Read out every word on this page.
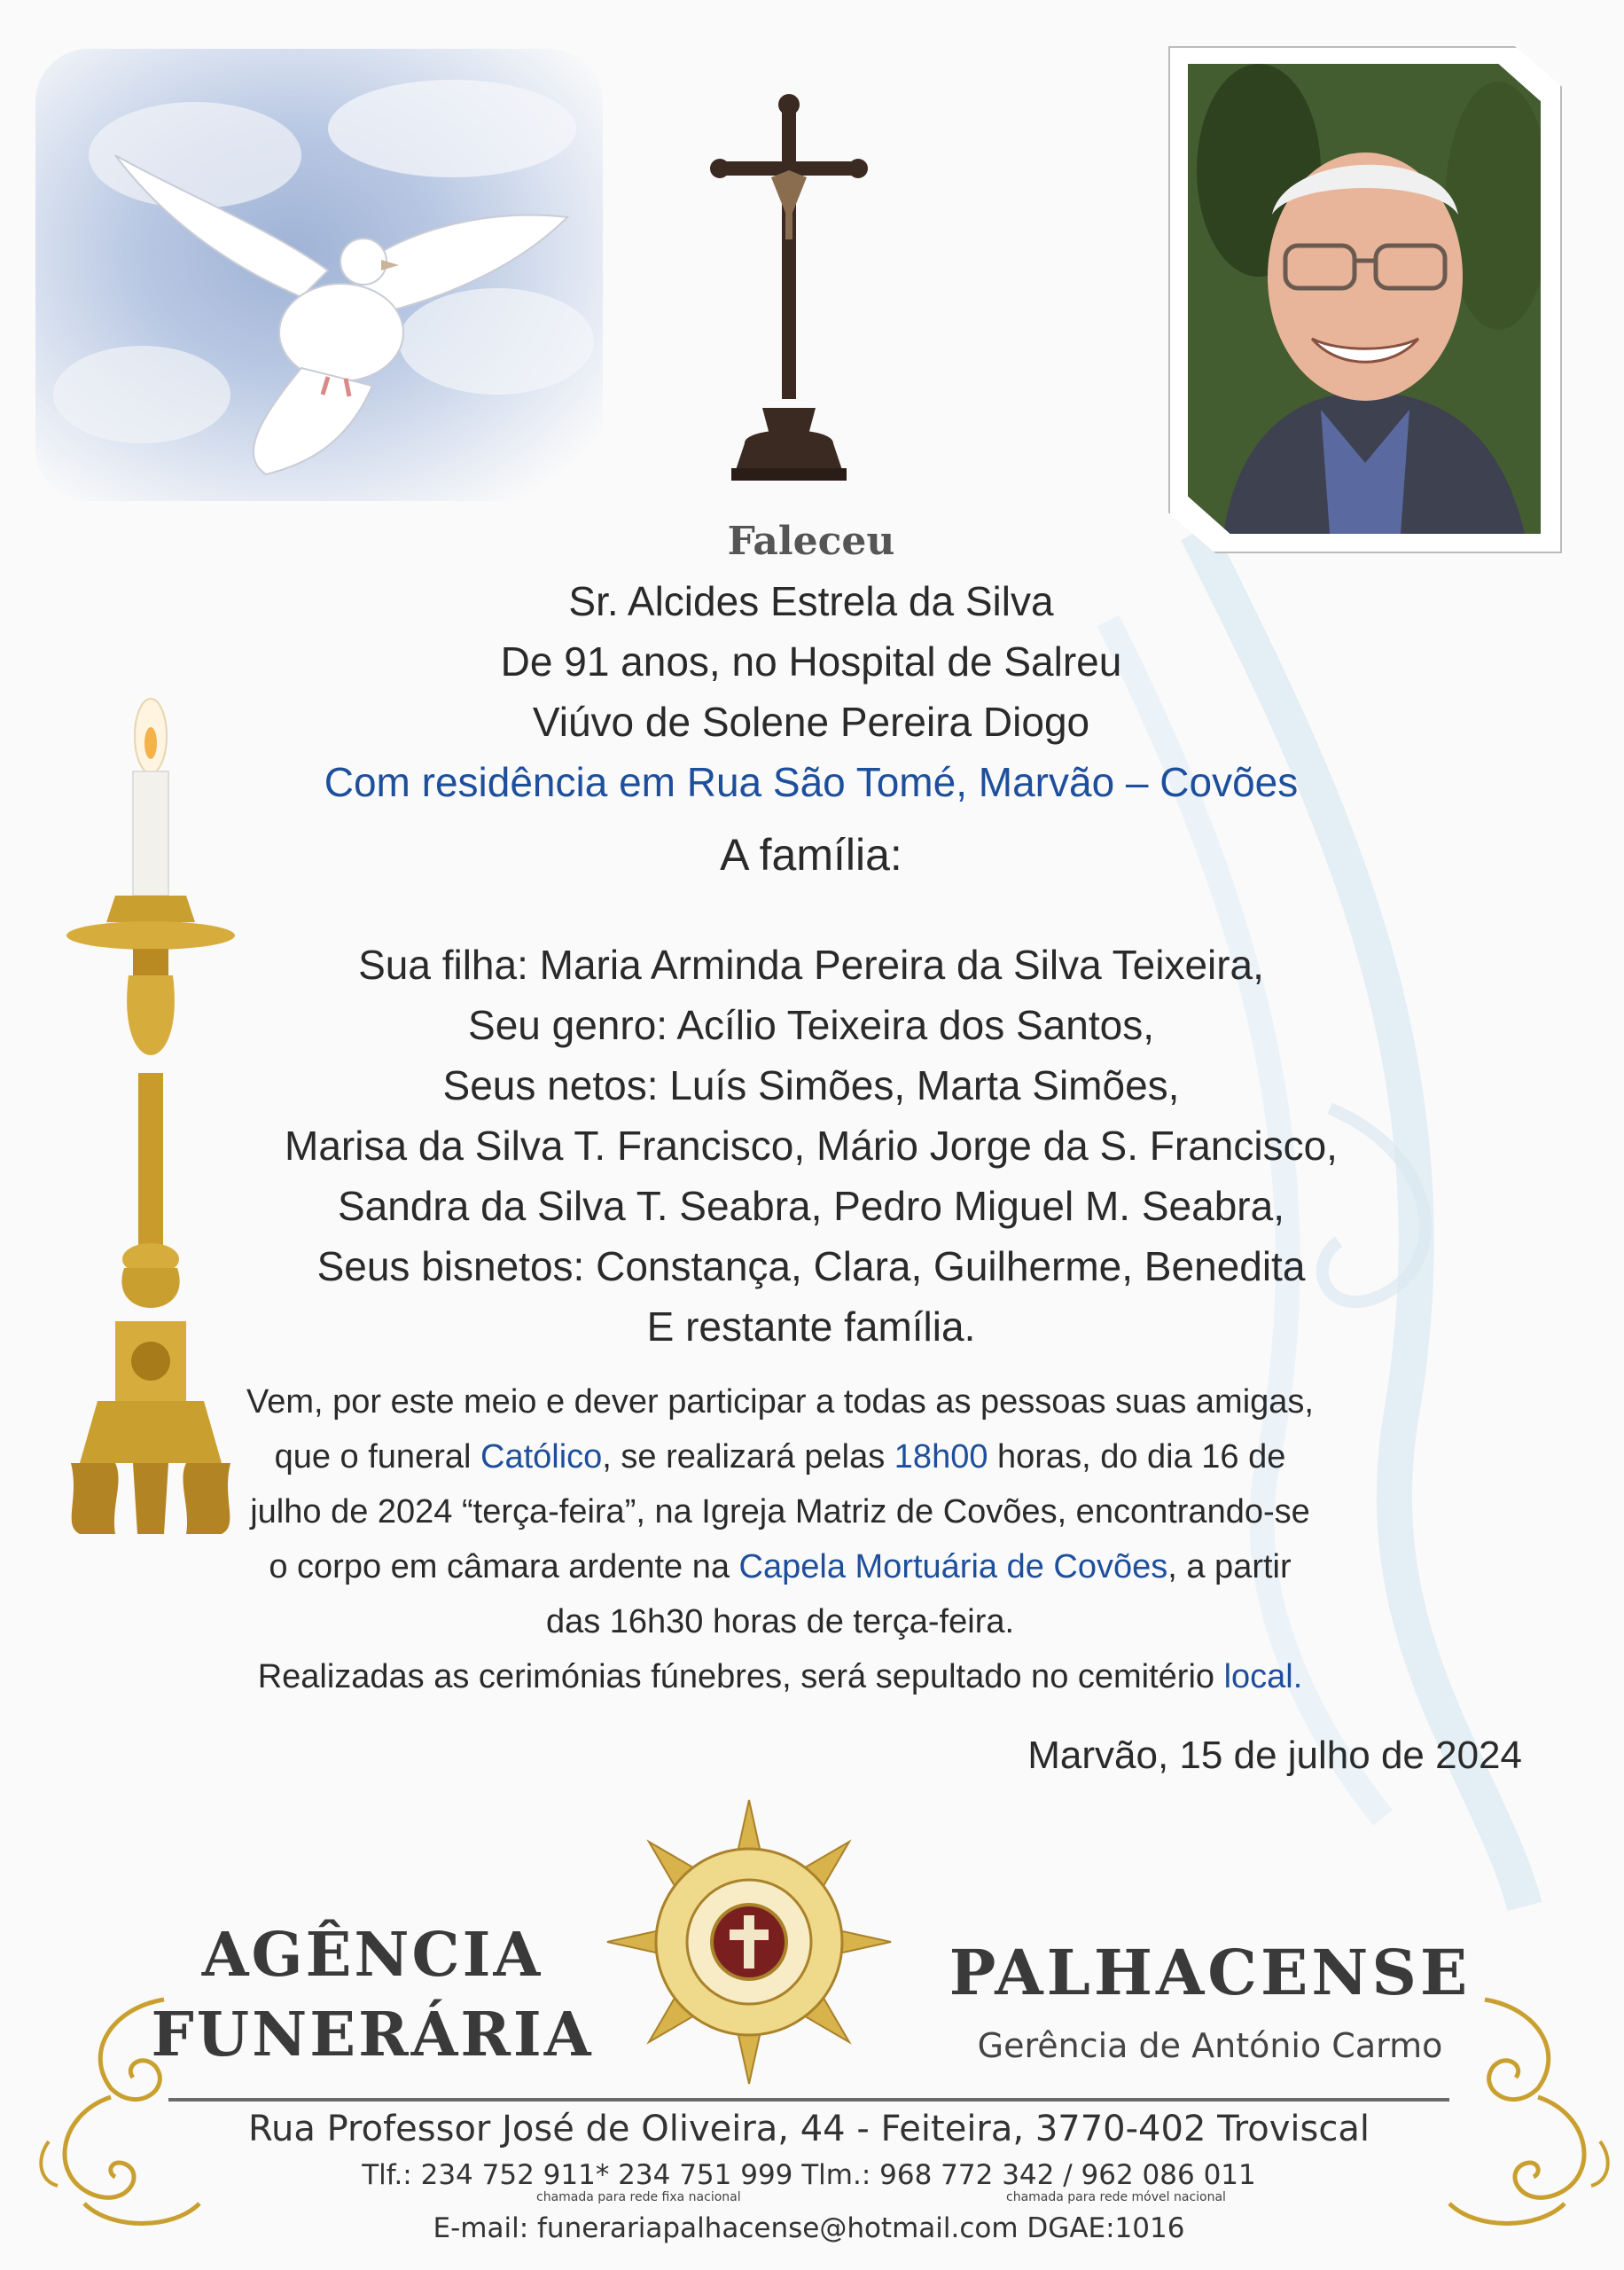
Faleceu

Sr. Alcides Estrela da Silva

De 91 anos, no Hospital de Salreu

Viúvo de Solene Pereira Diogo

Com residência em Rua São Tomé, Marvão – Covões

A família:

Sua filha: Maria Arminda Pereira da Silva Teixeira,

Seu genro: Acílio Teixeira dos Santos,

Seus netos: Luís Simões, Marta Simões,

Marisa da Silva T. Francisco, Mário Jorge da S. Francisco,

Sandra da Silva T. Seabra, Pedro Miguel M. Seabra,

Seus bisnetos: Constança, Clara, Guilherme, Benedita

E restante família.

Vem, por este meio e dever participar a todas as pessoas suas amigas,
que o funeral Católico, se realizará pelas 18h00 horas, do dia 16 de
julho de 2024 “terça-feira”, na Igreja Matriz de Covões, encontrando-se
o corpo em câmara ardente na Capela Mortuária de Covões, a partir
das 16h30 horas de terça-feira.
Realizadas as cerimónias fúnebres, será sepultado no cemitério local.
Marvão, 15 de julho de 2024
AGÊNCIA
FUNERÁRIA
PALHACENSE
Gerência de António Carmo
Rua Professor José de Oliveira, 44 - Feiteira, 3770-402 Troviscal
Tlf.: 234 752 911* 234 751 999 Tlm.: 968 772 342 / 962 086 011
chamada para rede fixa nacional	chamada para rede móvel nacional
E-mail: funerariapalhacense@hotmail.com DGAE:1016
